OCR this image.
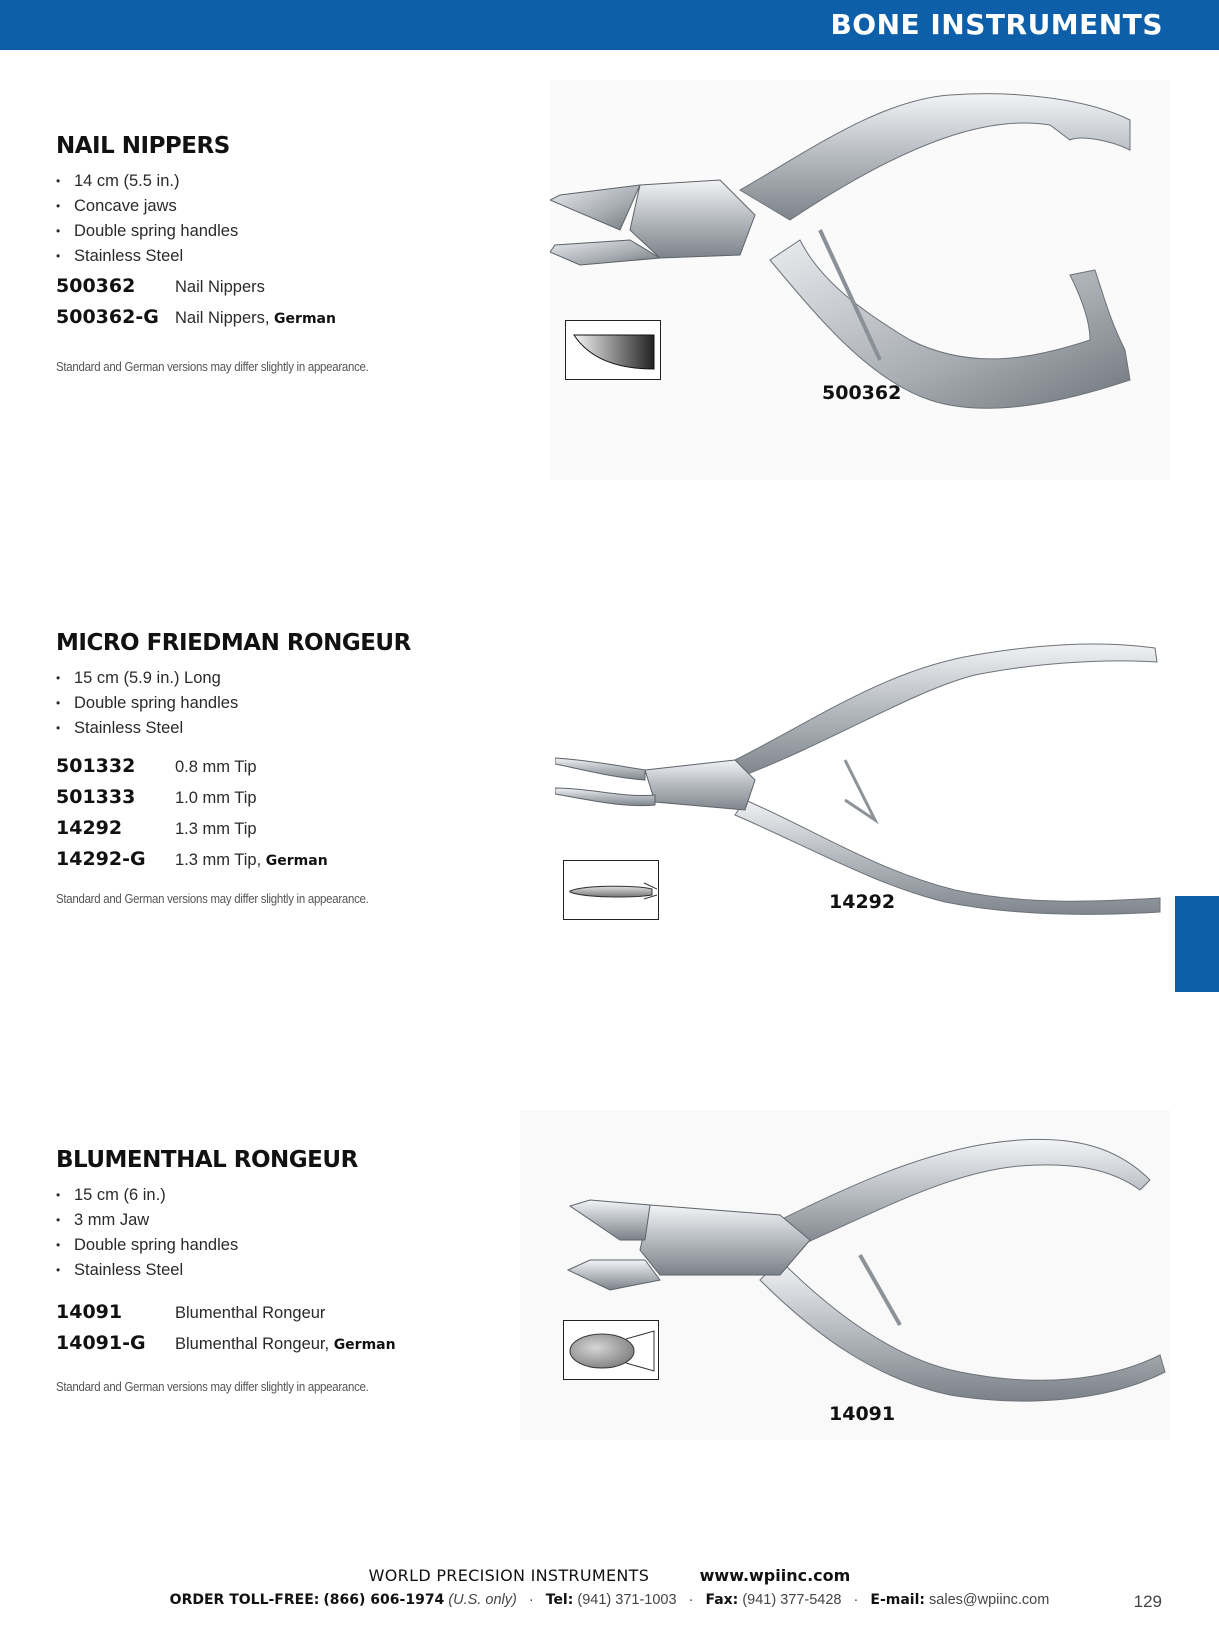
BONE INSTRUMENTS
NAIL NIPPERS
• 14 cm (5.5 in.)
• Concave jaws
• Double spring handles
• Stainless Steel
500362	Nail Nippers
500362-G Nail Nippers, German
Standard and German versions may differ slightly in appearance.
500362
MICRO FRIEDMAN RONGEUR
• 15 cm (5.9 in.) Long
• Double spring handles
• Stainless Steel
501332	0.8 mm Tip
501333	1.0 mm Tip
14292	1.3 mm Tip
14292-G	1.3 mm Tip, German
Standard and German versions may differ slightly in appearance.	14292
BLUMENTHAL RONGEUR
• 15 cm (6 in.)
• 3 mm Jaw
• Double spring handles
• Stainless Steel
14091	Blumenthal Rongeur
14091-G	Blumenthal Rongeur, German
Standard and German versions may differ slightly in appearance.
14091
WORLD PRECISION INSTRUMENTS	www.wpiinc.com
ORDER TOLL-FREE: (866) 606-1974 (U.S. only) · Tel: (941) 371-1003 · Fax: (941) 377-5428 · E-mail: sales@wpiinc.com	129
